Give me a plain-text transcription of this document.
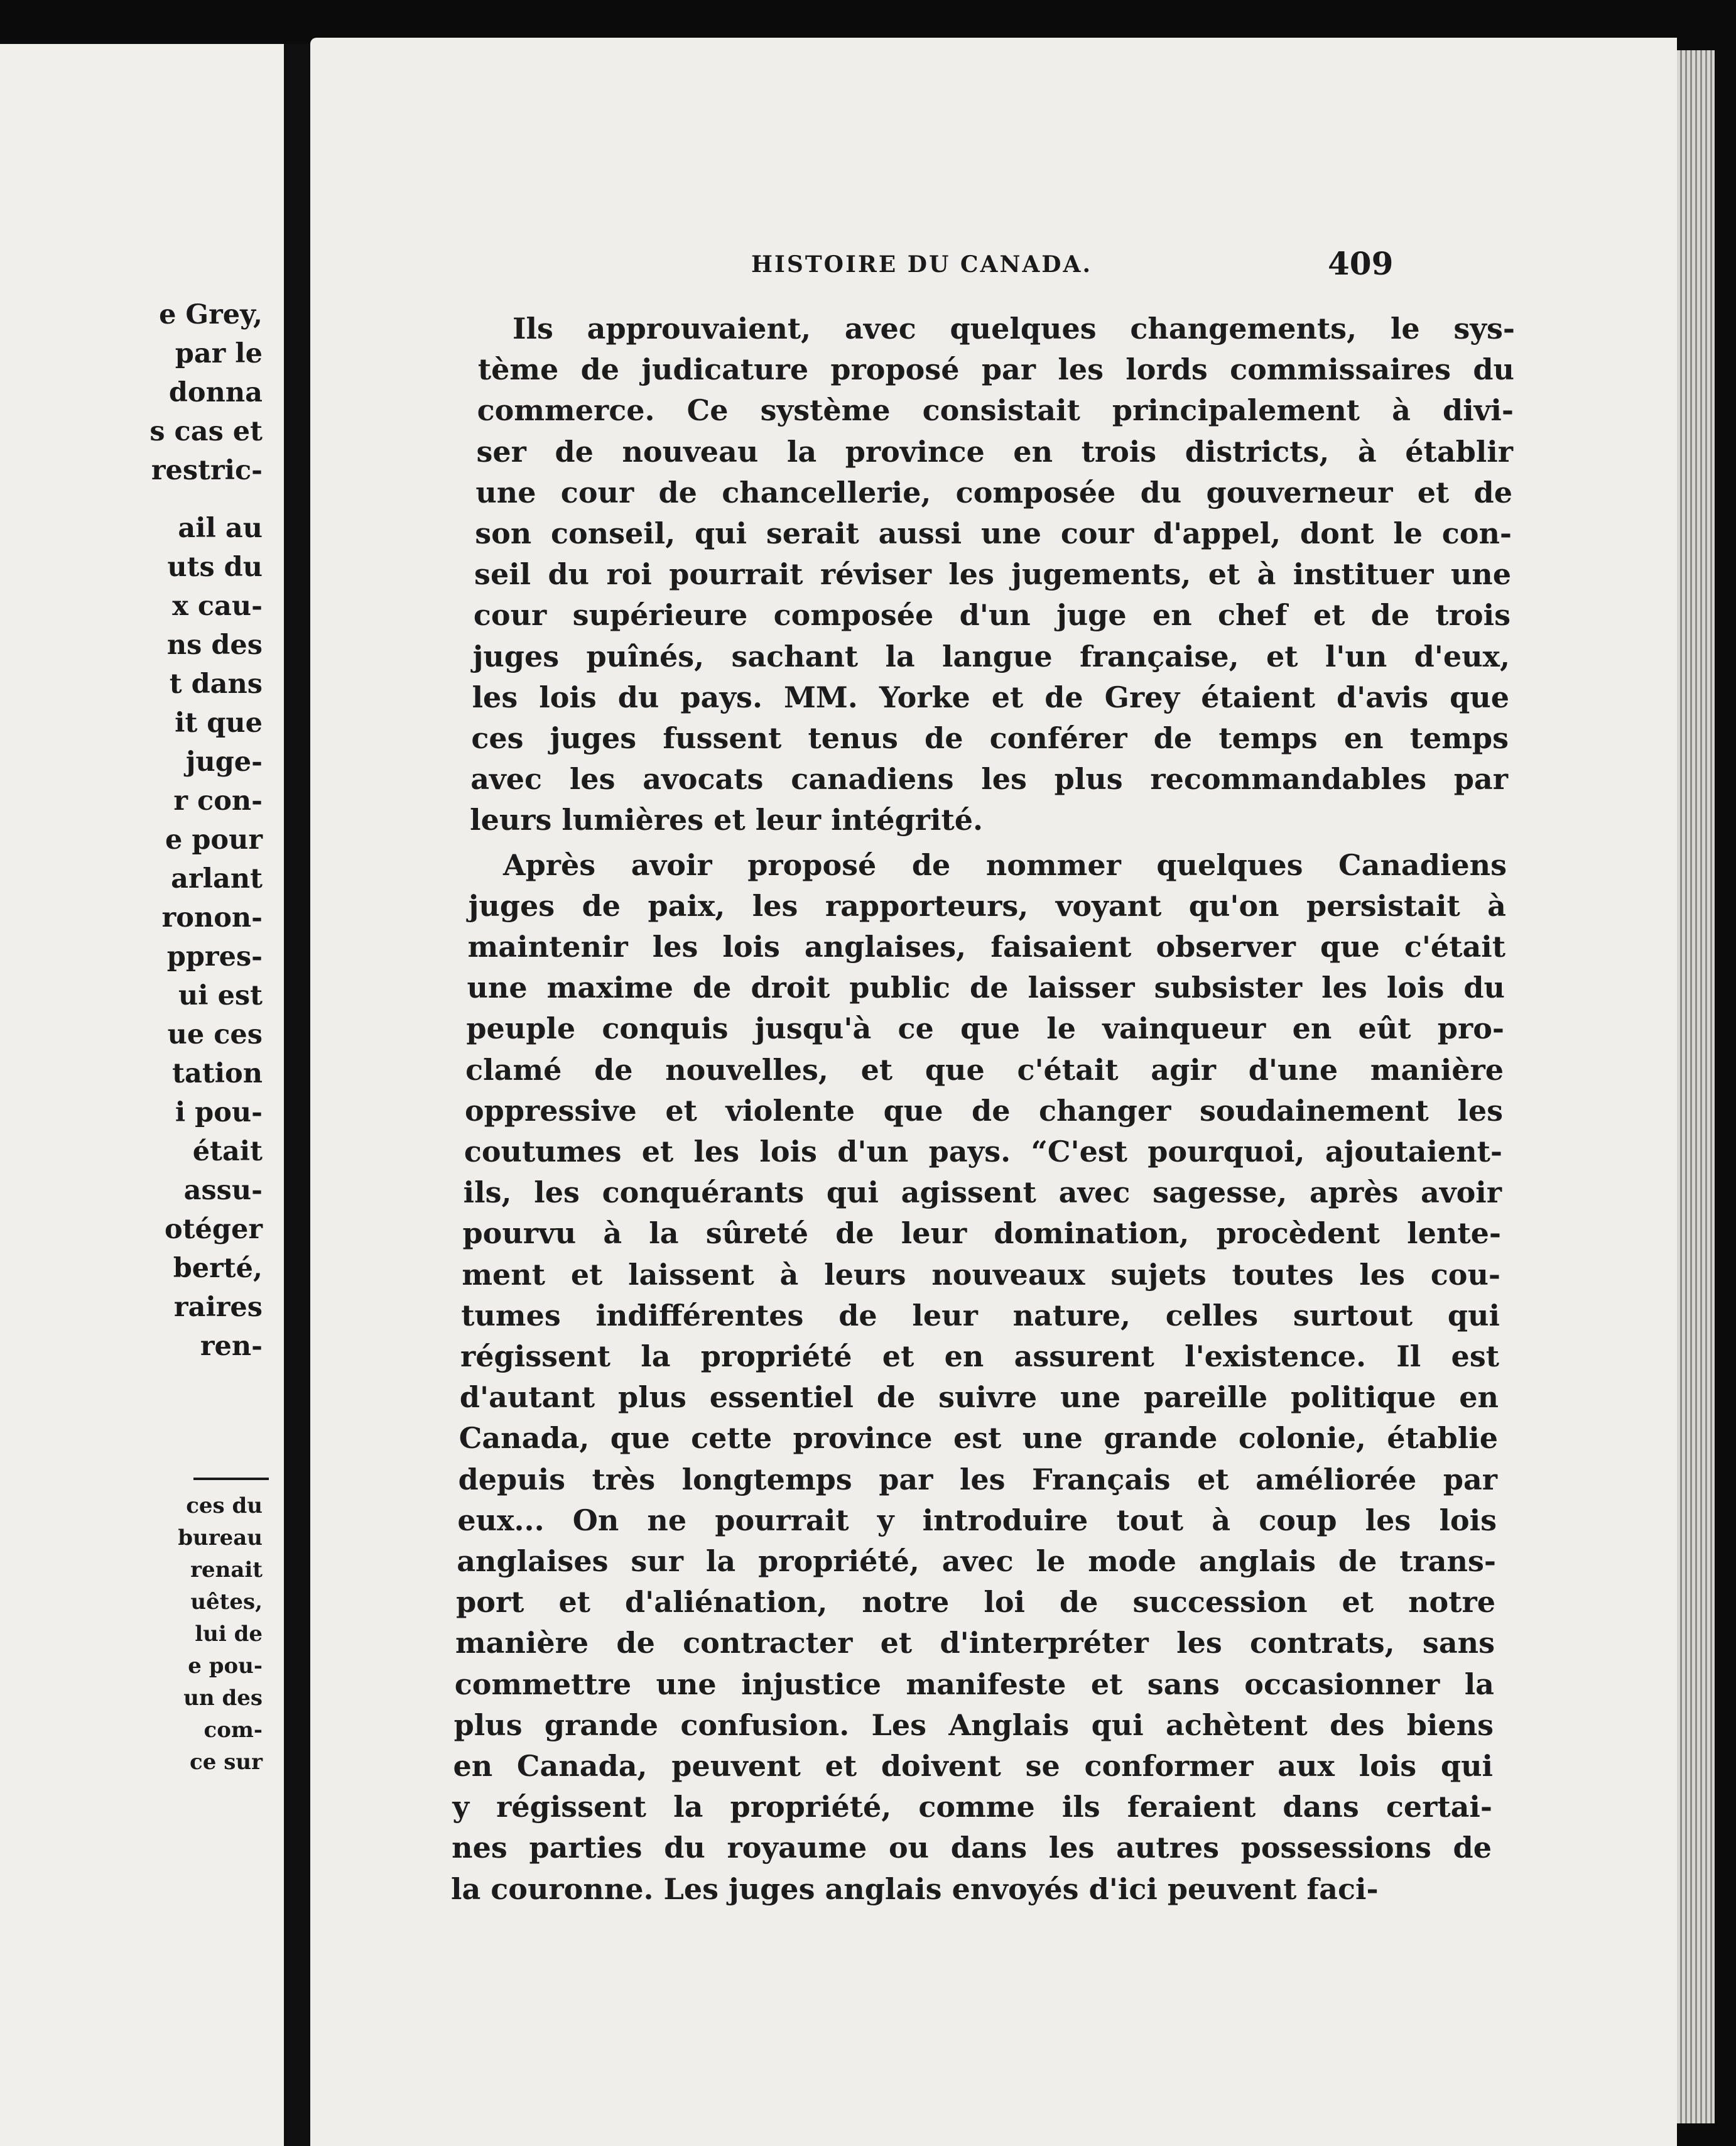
e Grey,

par le

donna

s cas et

restric-

ail au

uts du

x cau-

ns des

t dans

it que

juge-

r con-

e pour

arlant

ronon-

ppres-

ui est

ue ces

tation

i pou-

était

assu-

otéger

berté,

raires

ren-

ces du

bureau

renait

uêtes,

lui de

e pou-

un des

com-

ce sur

HISTOIRE DU CANADA.	409

Ils approuvaient, avec quelques changements, le sys-

tème de judicature proposé par les lords commissaires du

commerce. Ce système consistait principalement à divi-

ser de nouveau la province en trois districts, à établir

une cour de chancellerie, composée du gouverneur et de

son conseil, qui serait aussi une cour d'appel, dont le con-

seil du roi pourrait réviser les jugements, et à instituer une

cour supérieure composée d'un juge en chef et de trois

juges puînés, sachant la langue française, et l'un d'eux,

les lois du pays. MM. Yorke et de Grey étaient d'avis que

ces juges fussent tenus de conférer de temps en temps

avec les avocats canadiens les plus recommandables par

leurs lumières et leur intégrité.

Après avoir proposé de nommer quelques Canadiens

juges de paix, les rapporteurs, voyant qu'on persistait à

maintenir les lois anglaises, faisaient observer que c'était

une maxime de droit public de laisser subsister les lois du

peuple conquis jusqu'à ce que le vainqueur en eût pro-

clamé de nouvelles, et que c'était agir d'une manière

oppressive et violente que de changer soudainement les

coutumes et les lois d'un pays. “C'est pourquoi, ajoutaient-

ils, les conquérants qui agissent avec sagesse, après avoir

pourvu à la sûreté de leur domination, procèdent lente-

ment et laissent à leurs nouveaux sujets toutes les cou-

tumes indifférentes de leur nature, celles surtout qui

régissent la propriété et en assurent l'existence. Il est

d'autant plus essentiel de suivre une pareille politique en

Canada, que cette province est une grande colonie, établie

depuis très longtemps par les Français et améliorée par

eux... On ne pourrait y introduire tout à coup les lois

anglaises sur la propriété, avec le mode anglais de trans-

port et d'aliénation, notre loi de succession et notre

manière de contracter et d'interpréter les contrats, sans

commettre une injustice manifeste et sans occasionner la

plus grande confusion. Les Anglais qui achètent des biens

en Canada, peuvent et doivent se conformer aux lois qui

y régissent la propriété, comme ils feraient dans certai-

nes parties du royaume ou dans les autres possessions de

la couronne. Les juges anglais envoyés d'ici peuvent faci-
